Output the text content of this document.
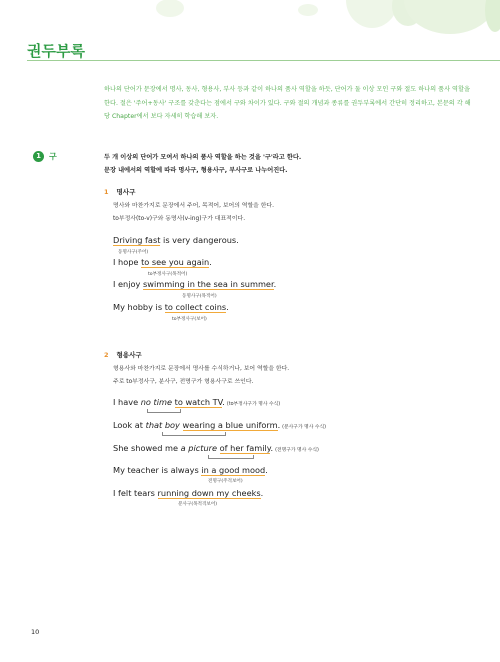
권두부록
하나의 단어가 문장에서 명사, 동사, 형용사, 부사 등과 같이 하나의 품사 역할을 하듯, 단어가 둘 이상 모인 구와 절도 하나의 품사 역할을 한다. 절은 '주어+동사' 구조를 갖춘다는 점에서 구와 차이가 있다. 구와 절의 개념과 종류를 권두부록에서 간단히 정리하고, 본문의 각 해당 Chapter에서 보다 자세히 학습해 보자.
1	구	두 개 이상의 단어가 모여서 하나의 품사 역할을 하는 것을 '구'라고 한다.
문장 내에서의 역할에 따라 명사구, 형용사구, 부사구로 나누어진다.
1 명사구
명사와 마찬가지로 문장에서 주어, 목적어, 보어의 역할을 한다.
to부정사(to-v)구와 동명사(v-ing)구가 대표적이다.
Driving fast is very dangerous.
동명사구(주어)
I hope to see you again.
to부정사구(목적어)
I enjoy swimming in the sea in summer.
동명사구(목적어)
My hobby is to collect coins.
to부정사구(보어)
2 형용사구
형용사와 마찬가지로 문장에서 명사를 수식하거나, 보어 역할을 한다.
주로 to부정사구, 분사구, 전명구가 형용사구로 쓰인다.
I have no time to watch TV. (to부정사구가 명사 수식)
Look at that boy wearing a blue uniform. (분사구가 명사 수식)
She showed me a picture of her family. (전명구가 명사 수식)
My teacher is always in a good mood.
전명구(주격보어)
I felt tears running down my cheeks.
분사구(목적격보어)
10
